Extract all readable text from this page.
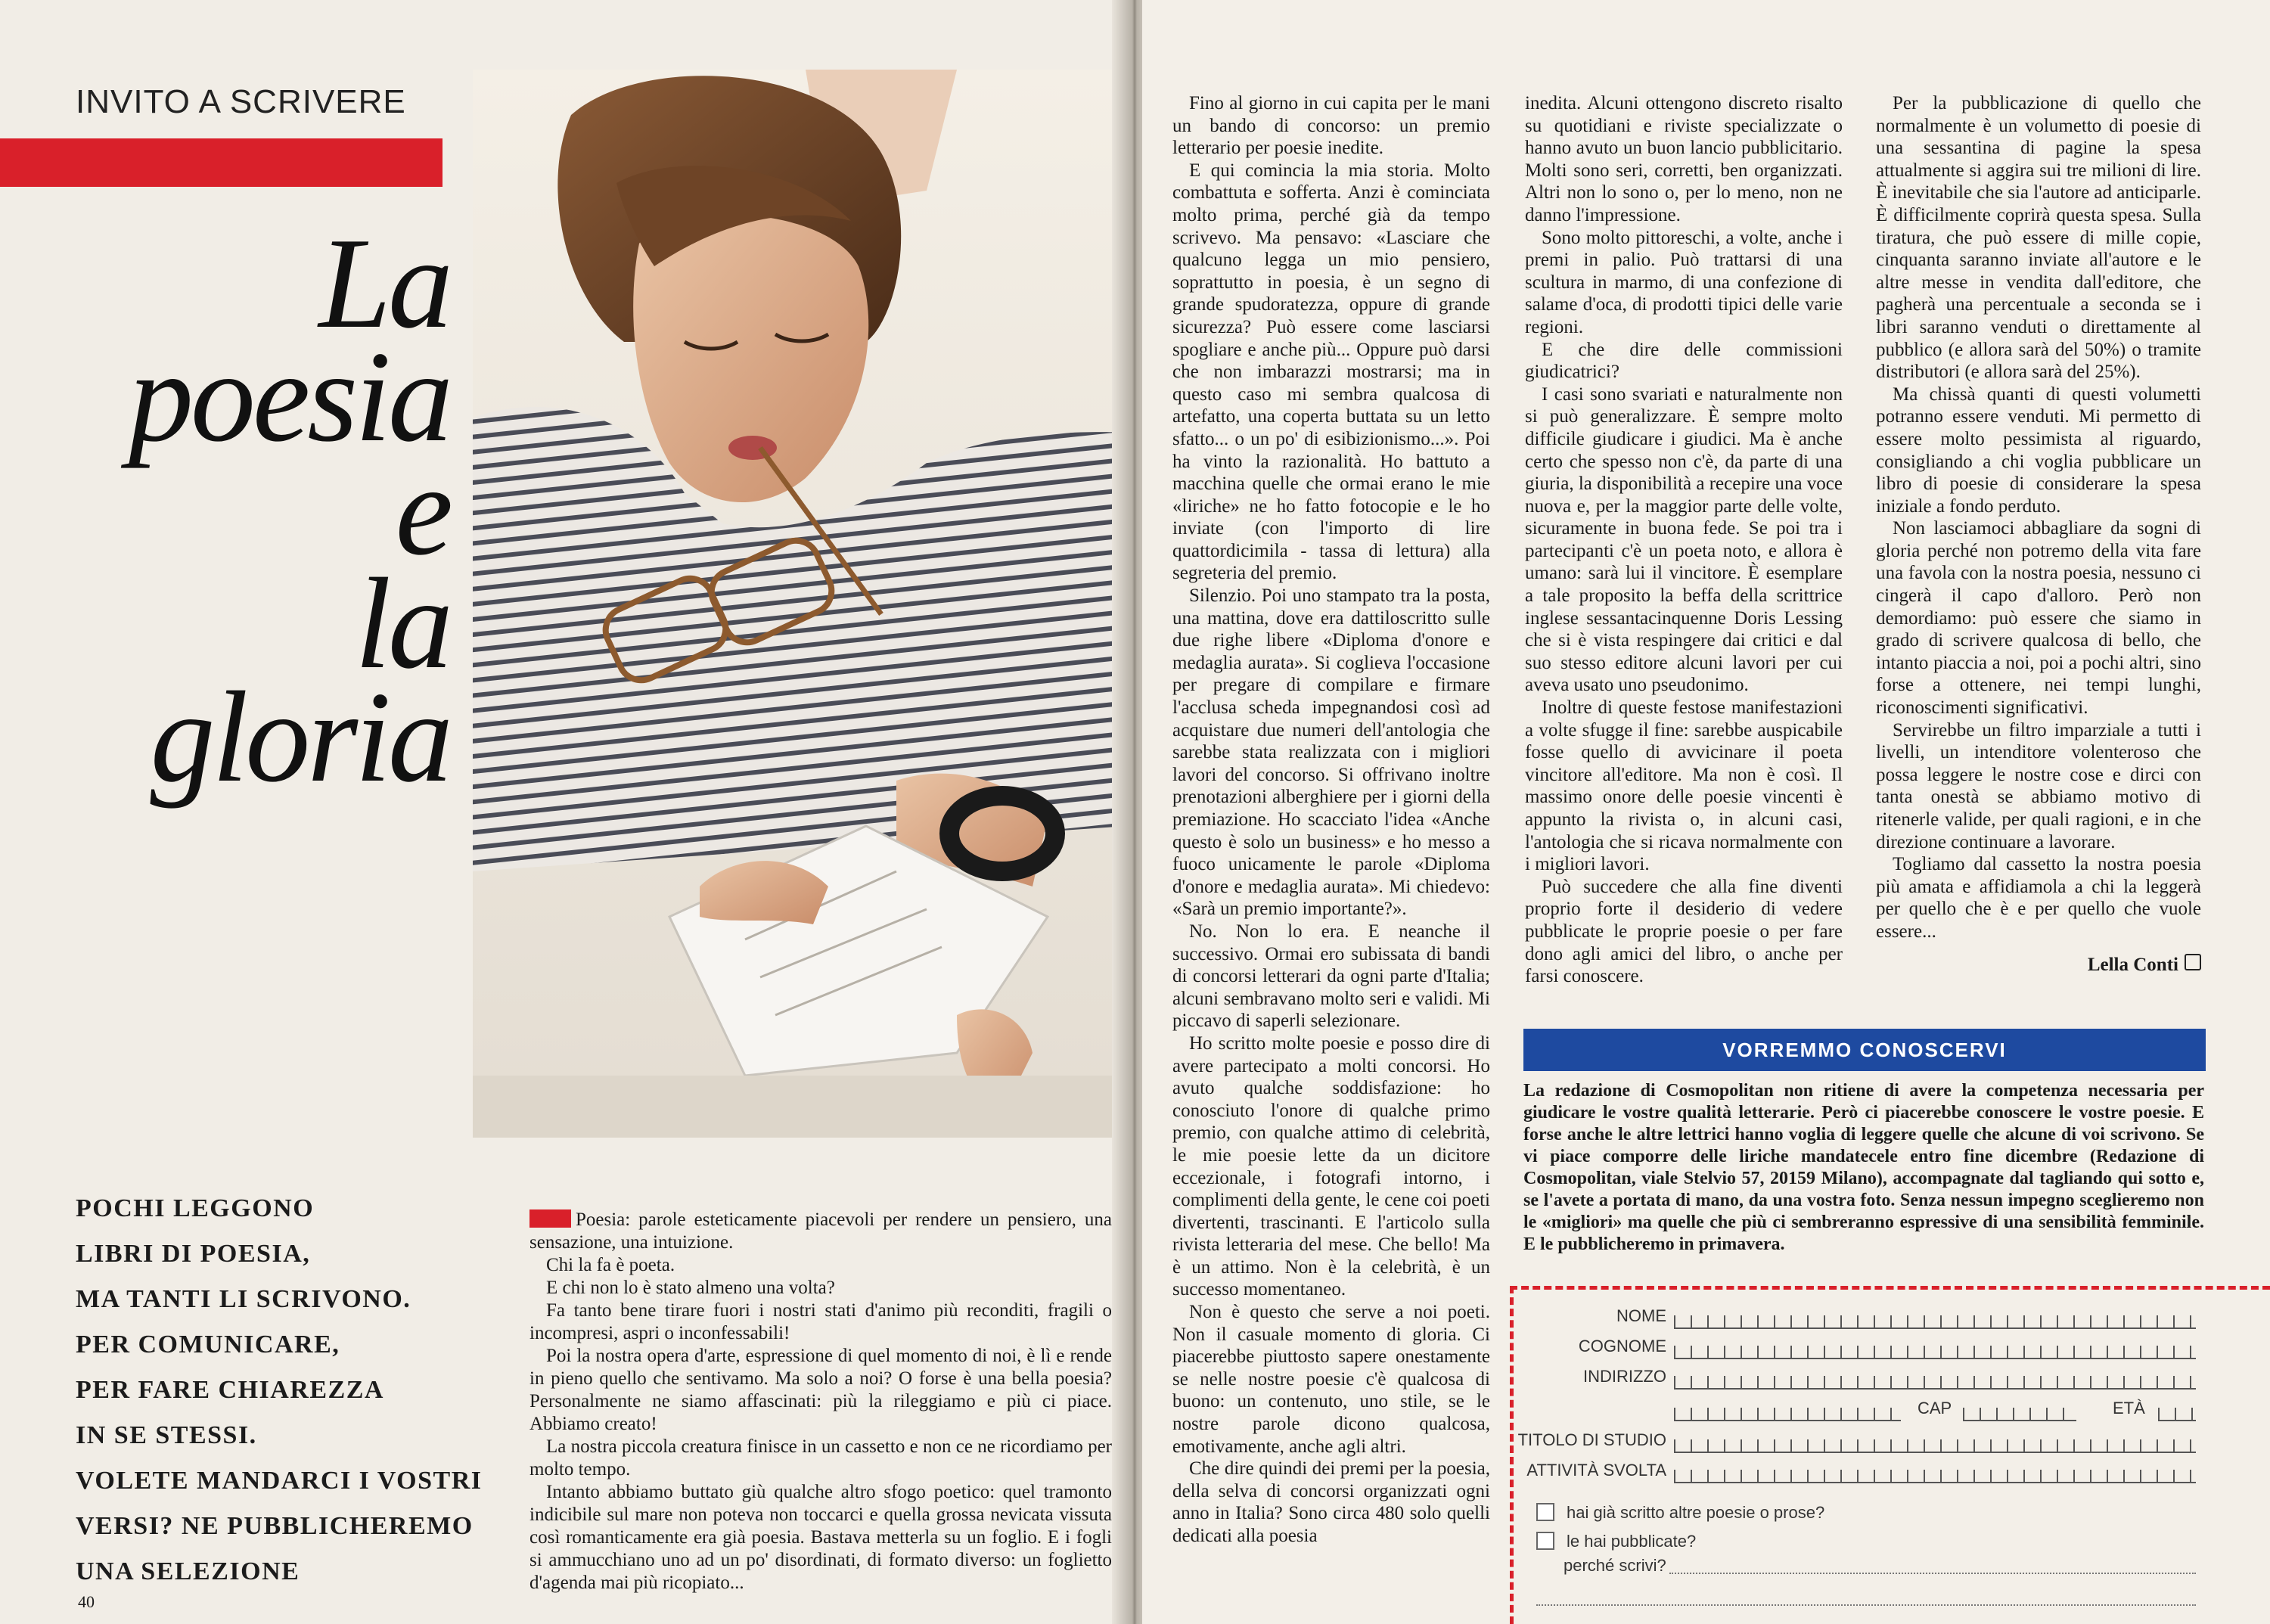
INVITO A SCRIVERE
La
poesia
e
la
gloria
POCHI LEGGONO
LIBRI DI POESIA,
MA TANTI LI SCRIVONO.
PER COMUNICARE,
PER FARE CHIAREZZA
IN SE STESSI.
VOLETE MANDARCI I VOSTRI
VERSI? NE PUBBLICHEREMO
UNA SELEZIONE

Poesia: parole esteticamente piacevoli per rendere un pensiero, una sensazione, una intuizione.

Chi la fa è poeta.

E chi non lo è stato almeno una volta?

Fa tanto bene tirare fuori i nostri stati d'animo più reconditi, fragili o incompresi, aspri o inconfessabili!

Poi la nostra opera d'arte, espressione di quel momento di noi, è lì e rende in pieno quello che sentivamo. Ma solo a noi? O forse è una bella poesia? Personalmente ne siamo affascinati: più la rileggiamo e più ci piace. Abbiamo creato!

La nostra piccola creatura finisce in un cassetto e non ce ne ricordiamo per molto tempo.

Intanto abbiamo buttato giù qualche altro sfogo poetico: quel tramonto indicibile sul mare non poteva non toccarci e quella grossa nevicata vissuta così romanticamente era già poesia. Bastava metterla su un foglio. E i fogli si ammucchiano uno ad un po' disordinati, di formato diverso: un foglietto d'agenda mai più ricopiato...

40

Fino al giorno in cui capita per le mani un bando di concorso: un premio letterario per poesie inedite.

E qui comincia la mia storia. Molto combattuta e sofferta. Anzi è cominciata molto prima, perché già da tempo scrivevo. Ma pensavo: «Lasciare che qualcuno legga un mio pensiero, soprattutto in poesia, è un segno di grande spudoratezza, oppure di grande sicurezza? Può essere come lasciarsi spogliare e anche più... Oppure può darsi che non imbarazzi mostrarsi; ma in questo caso mi sembra qualcosa di artefatto, una coperta buttata su un letto sfatto... o un po' di esibizionismo...». Poi ha vinto la razionalità. Ho battuto a macchina quelle che ormai erano le mie «liriche» ne ho fatto fotocopie e le ho inviate (con l'importo di lire quattordicimila - tassa di lettura) alla segreteria del premio.

Silenzio. Poi uno stampato tra la posta, una mattina, dove era dattiloscritto sulle due righe libere «Diploma d'onore e medaglia aurata». Si coglieva l'occasione per pregare di compilare e firmare l'acclusa scheda impegnandosi così ad acquistare due numeri dell'antologia che sarebbe stata realizzata con i migliori lavori del concorso. Si offrivano inoltre prenotazioni alberghiere per i giorni della premiazione. Ho scacciato l'idea «Anche questo è solo un business» e ho messo a fuoco unicamente le parole «Diploma d'onore e medaglia aurata». Mi chiedevo: «Sarà un premio importante?».

No. Non lo era. E neanche il successivo. Ormai ero subissata di bandi di concorsi letterari da ogni parte d'Italia; alcuni sembravano molto seri e validi. Mi piccavo di saperli selezionare.

Ho scritto molte poesie e posso dire di avere partecipato a molti concorsi. Ho avuto qualche soddisfazione: ho conosciuto l'onore di qualche primo premio, con qualche attimo di celebrità, le mie poesie lette da un dicitore eccezionale, i fotografi intorno, i complimenti della gente, le cene coi poeti divertenti, trascinanti. E l'articolo sulla rivista letteraria del mese. Che bello! Ma è un attimo. Non è la celebrità, è un successo momentaneo.

Non è questo che serve a noi poeti. Non il casuale momento di gloria. Ci piacerebbe piuttosto sapere onestamente se nelle nostre poesie c'è qualcosa di buono: un contenuto, uno stile, se le nostre parole dicono qualcosa, emotivamente, anche agli altri.

Che dire quindi dei premi per la poesia, della selva di concorsi organizzati ogni anno in Italia? Sono circa 480 solo quelli dedicati alla poesia

inedita. Alcuni ottengono discreto risalto su quotidiani e riviste specializzate o hanno avuto un buon lancio pubblicitario. Molti sono seri, corretti, ben organizzati. Altri non lo sono o, per lo meno, non ne danno l'impressione.

Sono molto pittoreschi, a volte, anche i premi in palio. Può trattarsi di una scultura in marmo, di una confezione di salame d'oca, di prodotti tipici delle varie regioni.

E che dire delle commissioni giudicatrici?

I casi sono svariati e naturalmente non si può generalizzare. È sempre molto difficile giudicare i giudici. Ma è anche certo che spesso non c'è, da parte di una giuria, la disponibilità a recepire una voce nuova e, per la maggior parte delle volte, sicuramente in buona fede. Se poi tra i partecipanti c'è un poeta noto, e allora è umano: sarà lui il vincitore. È esemplare a tale proposito la beffa della scrittrice inglese sessantacinquenne Doris Lessing che si è vista respingere dai critici e dal suo stesso editore alcuni lavori per cui aveva usato uno pseudonimo.

Inoltre di queste festose manifestazioni a volte sfugge il fine: sarebbe auspicabile fosse quello di avvicinare il poeta vincitore all'editore. Ma non è così. Il massimo onore delle poesie vincenti è appunto la rivista o, in alcuni casi, l'antologia che si ricava normalmente con i migliori lavori.

Può succedere che alla fine diventi proprio forte il desiderio di vedere pubblicate le proprie poesie o per fare dono agli amici del libro, o anche per farsi conoscere.

Per la pubblicazione di quello che normalmente è un volumetto di poesie di una sessantina di pagine la spesa attualmente si aggira sui tre milioni di lire. È inevitabile che sia l'autore ad anticiparle. È difficilmente coprirà questa spesa. Sulla tiratura, che può essere di mille copie, cinquanta saranno inviate all'autore e le altre messe in vendita dall'editore, che pagherà una percentuale a seconda se i libri saranno venduti o direttamente al pubblico (e allora sarà del 50%) o tramite distributori (e allora sarà del 25%).

Ma chissà quanti di questi volumetti potranno essere venduti. Mi permetto di essere molto pessimista al riguardo, consigliando a chi voglia pubblicare un libro di poesie di considerare la spesa iniziale a fondo perduto.

Non lasciamoci abbagliare da sogni di gloria perché non potremo della vita fare una favola con la nostra poesia, nessuno ci cingerà il capo d'alloro. Però non demordiamo: può essere che siamo in grado di scrivere qualcosa di bello, che intanto piaccia a noi, poi a pochi altri, sino forse a ottenere, nei tempi lunghi, riconoscimenti significativi.

Servirebbe un filtro imparziale a tutti i livelli, un intenditore volenteroso che possa leggere le nostre cose e dirci con tanta onestà se abbiamo motivo di ritenerle valide, per quali ragioni, e in che direzione continuare a lavorare.

Togliamo dal cassetto la nostra poesia più amata e affidiamola a chi la leggerà per quello che è e per quello che vuole essere...

Lella Conti

VORREMMO CONOSCERVI
La redazione di Cosmopolitan non ritiene di avere la competenza necessaria per giudicare le vostre qualità letterarie. Però ci piacerebbe conoscere le vostre poesie. E forse anche le altre lettrici hanno voglia di leggere quelle che alcune di voi scrivono. Se vi piace comporre delle liriche mandatecele entro fine dicembre (Redazione di Cosmopolitan, viale Stelvio 57, 20159 Milano), accompagnate dal tagliando qui sotto e, se l'avete a portata di mano, da una vostra foto. Senza nessun impegno sceglieremo non le «migliori» ma quelle che più ci sembreranno espressive di una sensibilità femminile. E le pubblicheremo in primavera.
NOME
COGNOME
INDIRIZZO
CAP	ETÀ
TITOLO DI STUDIO
ATTIVITÀ SVOLTA
hai già scritto altre poesie o prose?
le hai pubblicate?
perché scrivi?
